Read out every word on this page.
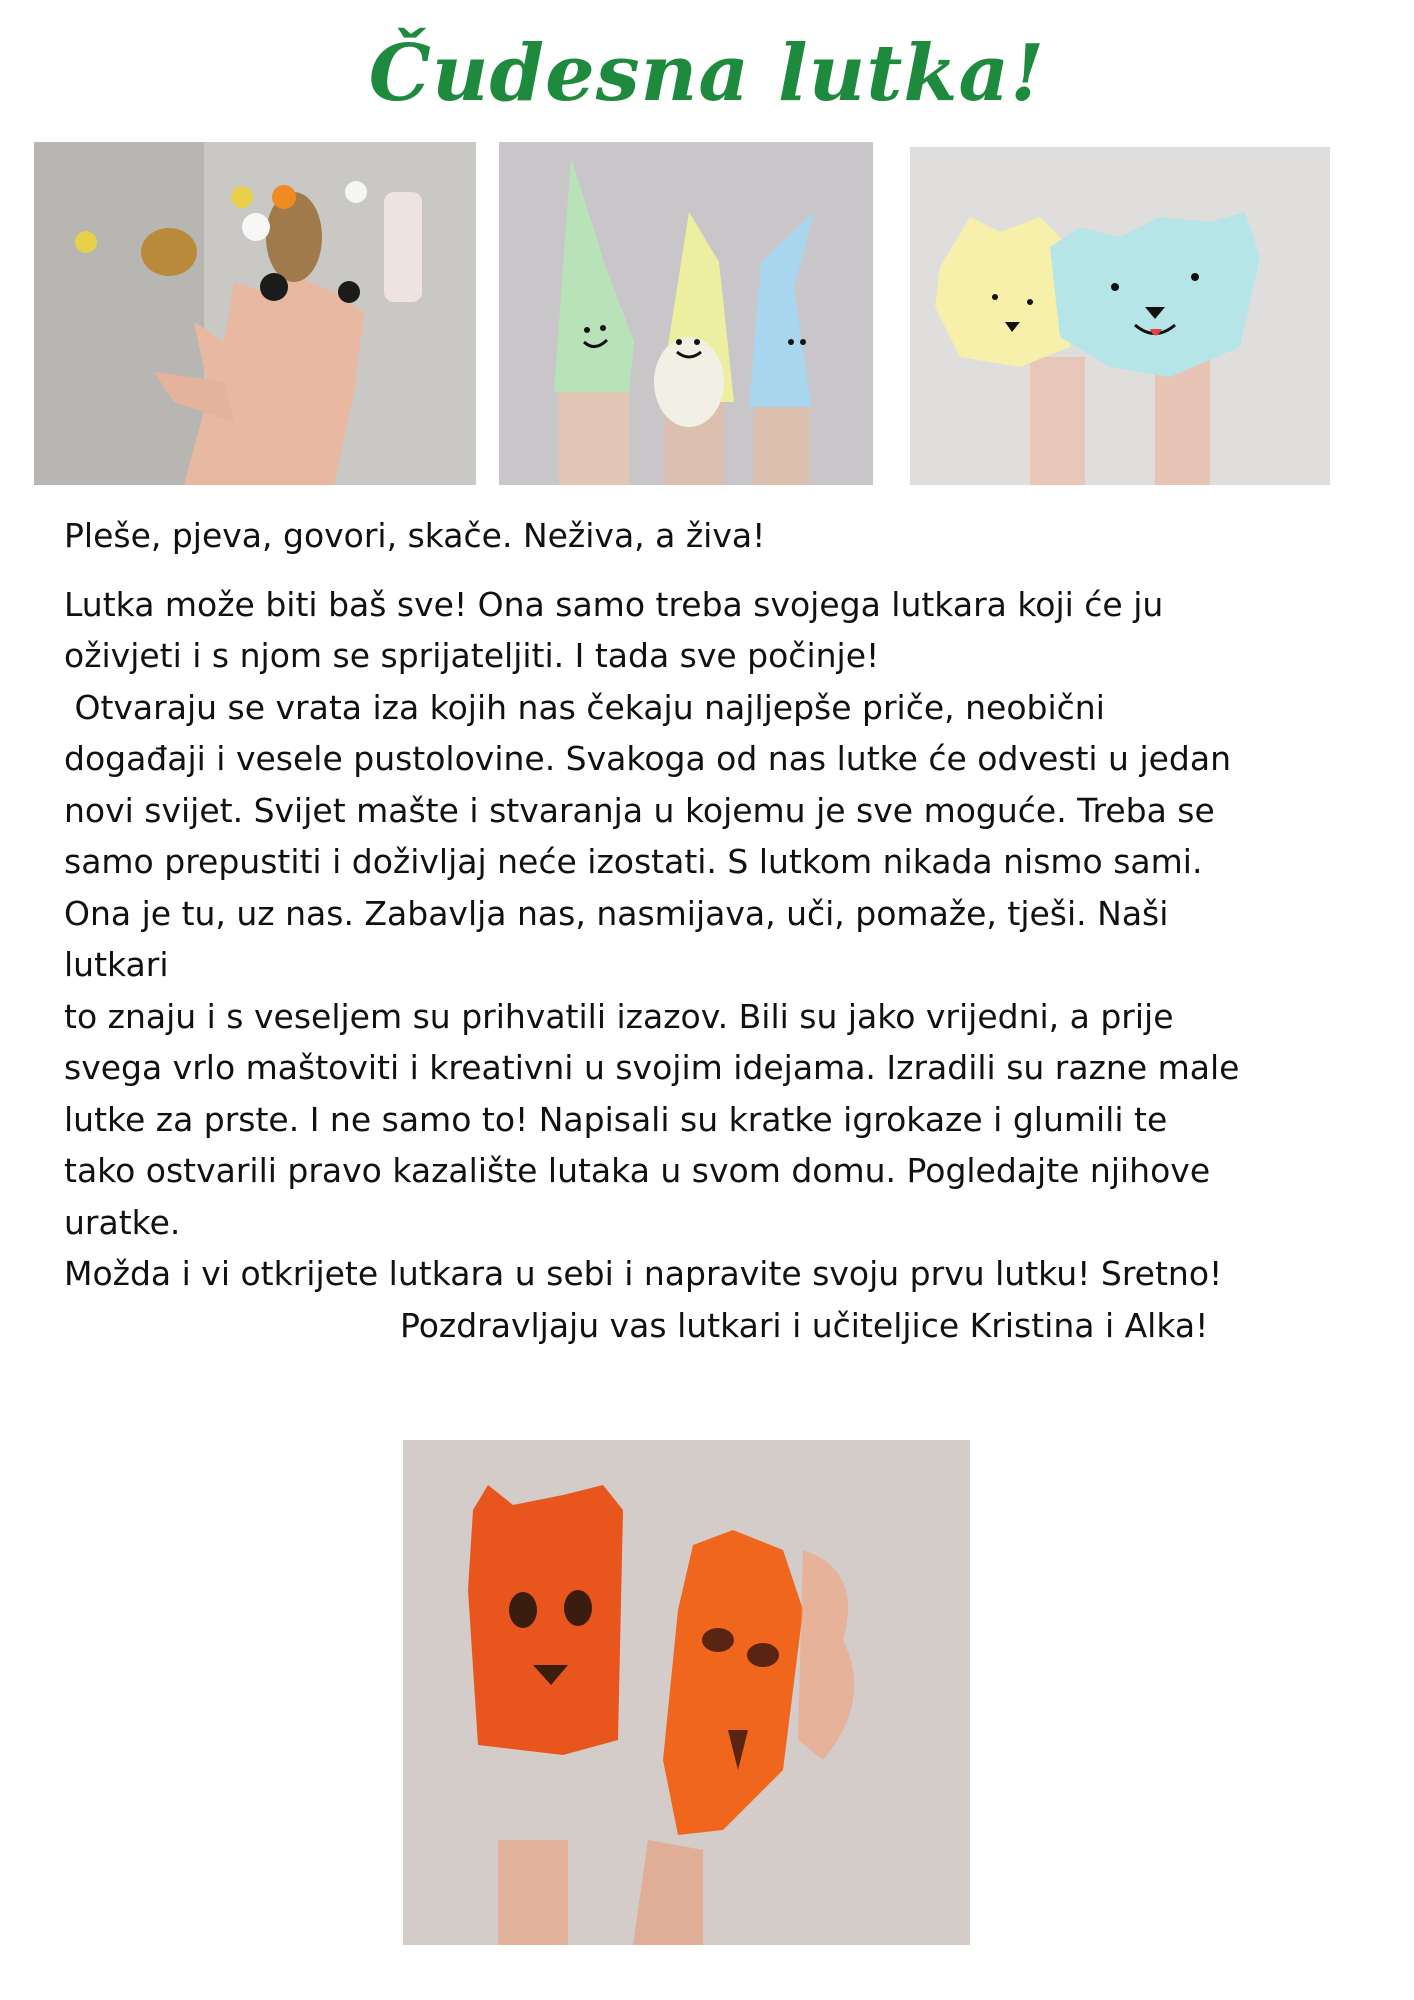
Čudesna lutka!

Pleše, pjeva, govori, skače. Neživa, a živa!

Lutka može biti baš sve! Ona samo treba svojega lutkara koji će ju

oživjeti i s njom se sprijateljiti. I tada sve počinje!

Otvaraju se vrata iza kojih nas čekaju najljepše priče, neobični

događaji i vesele pustolovine. Svakoga od nas lutke će odvesti u jedan

novi svijet. Svijet mašte i stvaranja u kojemu je sve moguće. Treba se

samo prepustiti i doživljaj neće izostati. S lutkom nikada nismo sami.

Ona je tu, uz nas. Zabavlja nas, nasmijava, uči, pomaže, tješi. Naši

lutkari

to znaju i s veseljem su prihvatili izazov. Bili su jako vrijedni, a prije

svega vrlo maštoviti i kreativni u svojim idejama. Izradili su razne male

lutke za prste. I ne samo to! Napisali su kratke igrokaze i glumili te

tako ostvarili pravo kazalište lutaka u svom domu. Pogledajte njihove

uratke.

Možda i vi otkrijete lutkara u sebi i napravite svoju prvu lutku! Sretno!

Pozdravljaju vas lutkari i učiteljice Kristina i Alka!
